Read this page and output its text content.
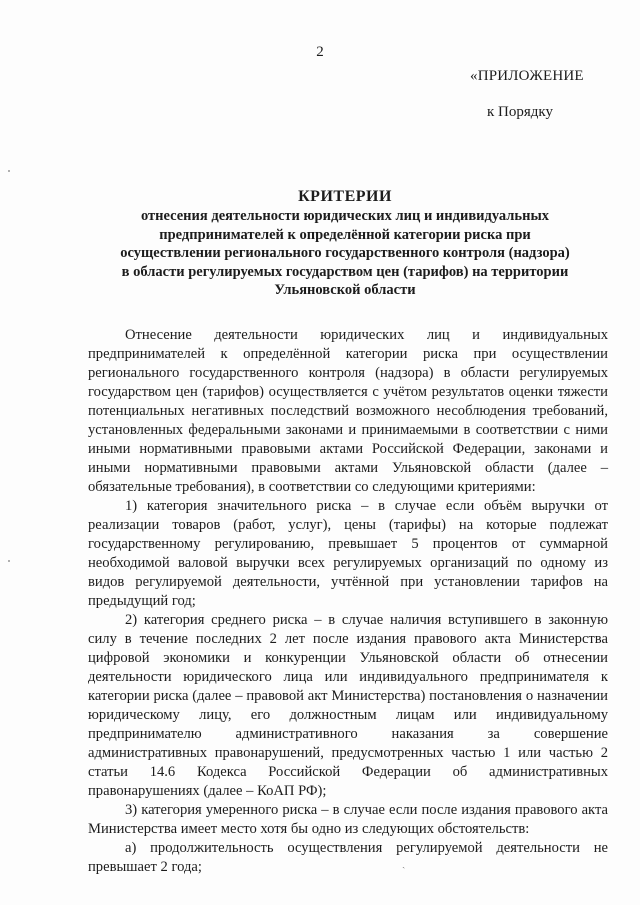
2
«ПРИЛОЖЕНИЕ
к Порядку
КРИТЕРИИ
отнесения деятельности юридических лиц и индивидуальных предпринимателей к определённой категории риска при осуществлении регионального государственного контроля (надзора) в области регулируемых государством цен (тарифов) на территории Ульяновской области

Отнесение деятельности юридических лиц и индивидуальных предпринимателей к определённой категории риска при осуществлении регионального государственного контроля (надзора) в области регулируемых государством цен (тарифов) осуществляется с учётом результатов оценки тяжести потенциальных негативных последствий возможного несоблюдения требований, установленных федеральными законами и принимаемыми в соответствии с ними иными нормативными правовыми актами Российской Федерации, законами и иными нормативными правовыми актами Ульяновской области (далее – обязательные требования), в соответствии со следующими критериями:

1) категория значительного риска – в случае если объём выручки от реализации товаров (работ, услуг), цены (тарифы) на которые подлежат государственному регулированию, превышает 5 процентов от суммарной необходимой валовой выручки всех регулируемых организаций по одному из видов регулируемой деятельности, учтённой при установлении тарифов на предыдущий год;

2) категория среднего риска – в случае наличия вступившего в законную силу в течение последних 2 лет после издания правового акта Министерства цифровой экономики и конкуренции Ульяновской области об отнесении деятельности юридического лица или индивидуального предпринимателя к категории риска (далее – правовой акт Министерства) постановления о назначении юридическому лицу, его должностным лицам или индивидуальному предпринимателю административного наказания за совершение административных правонарушений, предусмотренных частью 1 или частью 2 статьи 14.6 Кодекса Российской Федерации об административных правонарушениях (далее – КоАП РФ);

3) категория умеренного риска – в случае если после издания правового акта Министерства имеет место хотя бы одно из следующих обстоятельств:

а) продолжительность осуществления регулируемой деятельности не превышает 2 года;	ˎ
